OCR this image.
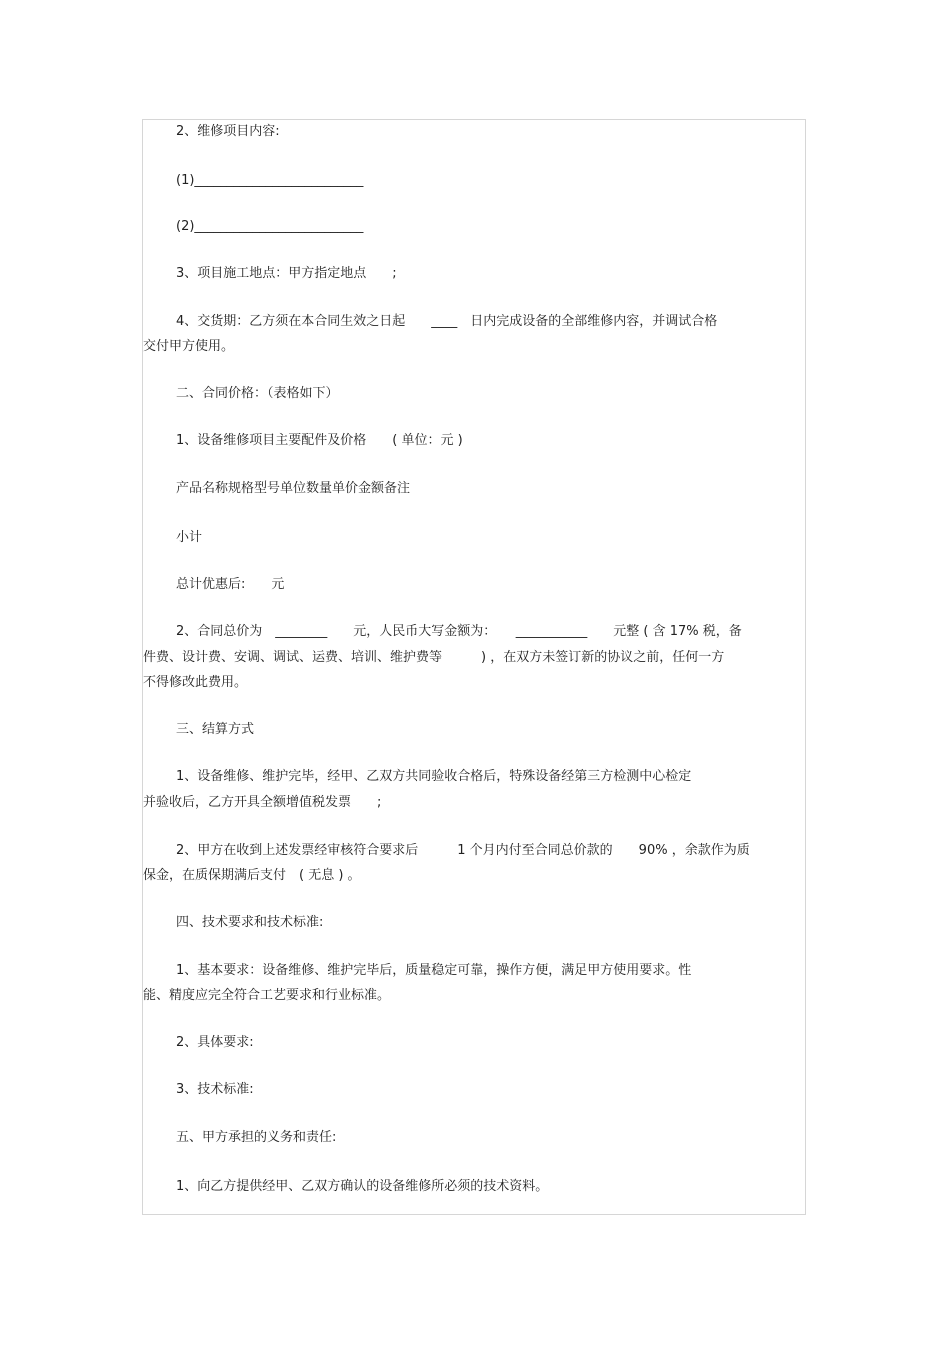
2、维修项目内容:
(1)__________________________
(2)__________________________
3、项目施工地点：甲方指定地点　　;
4、交货期：乙方须在本合同生效之日起　　____　日内完成设备的全部维修内容，并调试合格
交付甲方使用。
二、合同价格：（表格如下）
1、设备维修项目主要配件及价格　　( 单位：元 )
产品名称规格型号单位数量单价金额备注
小计
总计优惠后:　　元
2、合同总价为　________　　元，人民币大写金额为：　　___________　　元整 ( 含 17% 税，备
件费、设计费、安调、调试、运费、培训、维护费等　　　) ，在双方未签订新的协议之前，任何一方
不得修改此费用。
三、结算方式
1、设备维修、维护完毕，经甲、乙双方共同验收合格后，特殊设备经第三方检测中心检定
并验收后，乙方开具全额增值税发票　　;
2、甲方在收到上述发票经审核符合要求后　　　1 个月内付至合同总价款的　　90% ，余款作为质
保金，在质保期满后支付　( 无息 ) 。
四、技术要求和技术标准:
1、基本要求：设备维修、维护完毕后，质量稳定可靠，操作方便，满足甲方使用要求。性
能、精度应完全符合工艺要求和行业标准。
2、具体要求:
3、技术标准:
五、甲方承担的义务和责任:
1、向乙方提供经甲、乙双方确认的设备维修所必须的技术资料。
